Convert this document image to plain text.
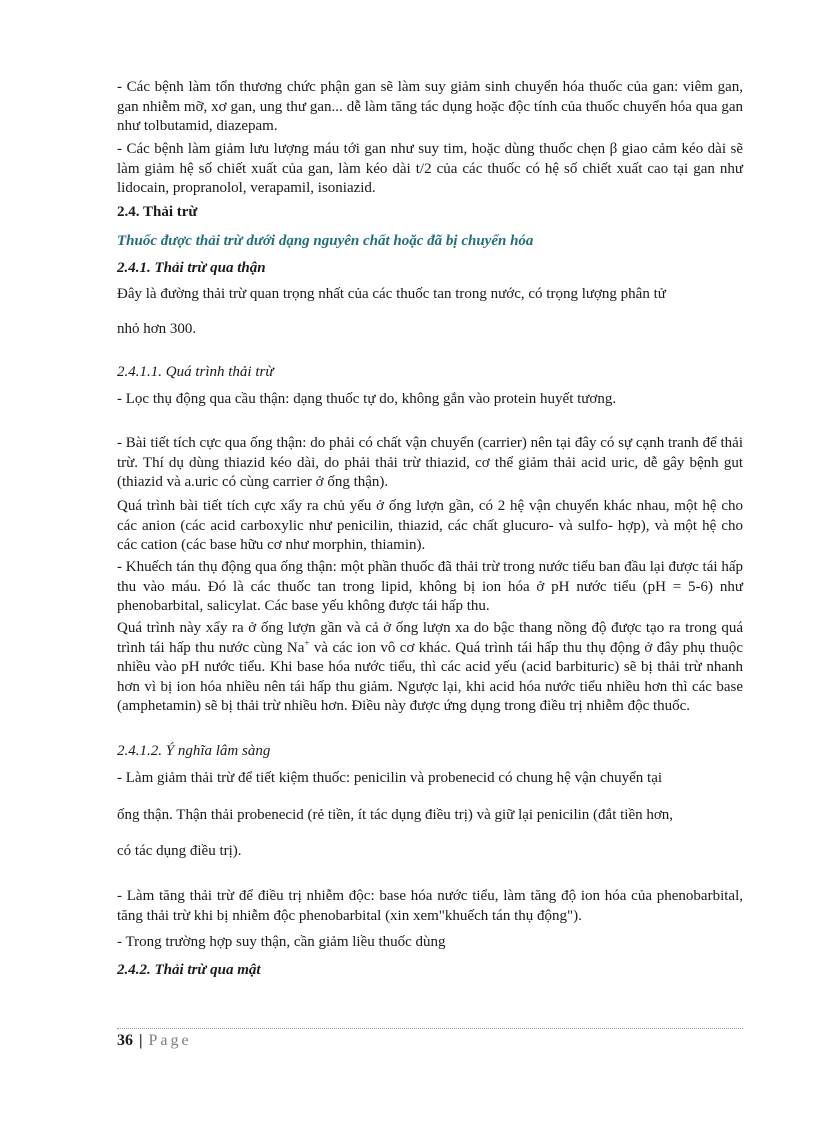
- Các bệnh làm tổn thương chức phận gan sẽ làm suy giảm sinh chuyển hóa thuốc của gan: viêm gan, gan nhiễm mỡ, xơ gan, ung thư gan... dễ làm tăng tác dụng hoặc độc tính của thuốc chuyển hóa qua gan như tolbutamid, diazepam.

- Các bệnh làm giảm lưu lượng máu tới gan như suy tim, hoặc dùng thuốc chẹn β giao cảm kéo dài sẽ làm giảm hệ số chiết xuất của gan, làm kéo dài t/2 của các thuốc có hệ số chiết xuất cao tại gan như lidocain, propranolol, verapamil, isoniazid.

2.4. Thải trừ

Thuốc được thải trừ dưới dạng nguyên chất hoặc đã bị chuyển hóa

2.4.1. Thải trừ qua thận

Đây là đường thải trừ quan trọng nhất của các thuốc tan trong nước, có trọng lượng phân tử

nhỏ hơn 300.

2.4.1.1. Quá trình thải trừ

- Lọc thụ động qua cầu thận: dạng thuốc tự do, không gắn vào protein huyết tương.

- Bài tiết tích cực qua ống thận: do phải có chất vận chuyển (carrier) nên tại đây có sự cạnh tranh để thải trừ. Thí dụ dùng thiazid kéo dài, do phải thải trừ thiazid, cơ thể giảm thải acid uric, dễ gây bệnh gut (thiazid và a.uric có cùng carrier ở ống thận).

Quá trình bài tiết tích cực xẩy ra chủ yếu ở ống lượn gần, có 2 hệ vận chuyển khác nhau, một hệ cho các anion (các acid carboxylic như penicilin, thiazid, các chất glucuro- và sulfo- hợp), và một hệ cho các cation (các base hữu cơ như morphin, thiamin).

- Khuếch tán thụ động qua ống thận: một phần thuốc đã thải trừ trong nước tiểu ban đầu lại được tái hấp thu vào máu. Đó là các thuốc tan trong lipid, không bị ion hóa ở pH nước tiểu (pH = 5-6) như phenobarbital, salicylat. Các base yếu không được tái hấp thu.

Quá trình này xẩy ra ở ống lượn gần và cả ở ống lượn xa do bậc thang nồng độ được tạo ra trong quá trình tái hấp thu nước cùng Na+ và các ion vô cơ khác. Quá trình tái hấp thu thụ động ở đây phụ thuộc nhiều vào pH nước tiểu. Khi base hóa nước tiểu, thì các acid yếu (acid barbituric) sẽ bị thải trừ nhanh hơn vì bị ion hóa nhiều nên tái hấp thu giảm. Ngược lại, khi acid hóa nước tiểu nhiều hơn thì các base (amphetamin) sẽ bị thải trừ nhiều hơn. Điều này được ứng dụng trong điều trị nhiễm độc thuốc.

2.4.1.2. Ý nghĩa lâm sàng

- Làm giảm thải trừ để tiết kiệm thuốc: penicilin và probenecid có chung hệ vận chuyển tại

ống thận. Thận thải probenecid (rẻ tiền, ít tác dụng điều trị) và giữ lại penicilin (đắt tiền hơn,

có tác dụng điều trị).

- Làm tăng thải trừ để điều trị nhiễm độc: base hóa nước tiểu, làm tăng độ ion hóa của phenobarbital, tăng thải trừ khi bị nhiễm độc phenobarbital (xin xem"khuếch tán thụ động").

- Trong trường hợp suy thận, cần giảm liều thuốc dùng

2.4.2. Thải trừ qua mật

36 | Page
